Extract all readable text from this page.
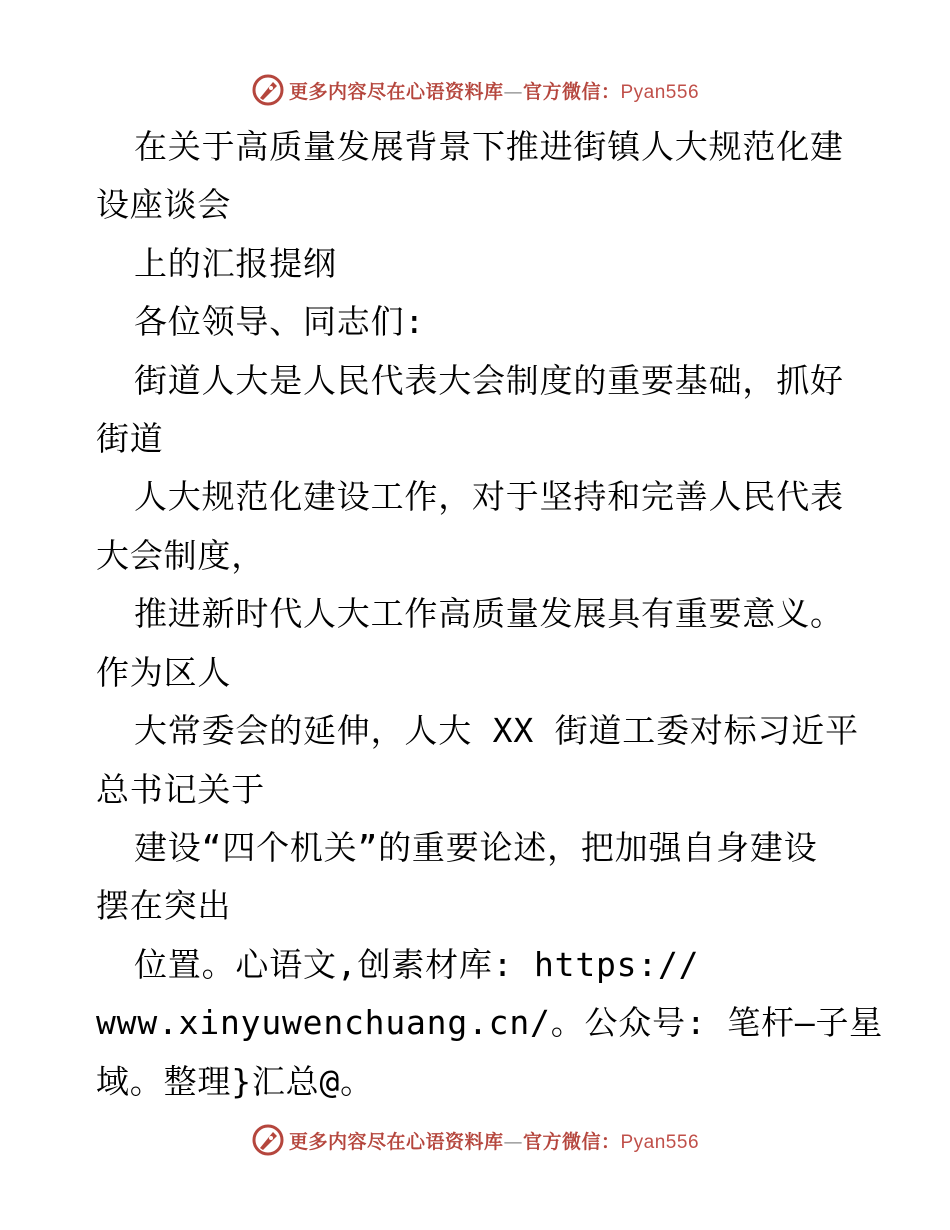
更多内容尽在心语资料库—官方微信：Pyan556
在关于高质量发展背景下推进街镇人大规范化建
设座谈会
上的汇报提纲
各位领导、同志们:
街道人大是人民代表大会制度的重要基础，抓好
街道
人大规范化建设工作，对于坚持和完善人民代表
大会制度，
推进新时代人大工作高质量发展具有重要意义。
作为区人
大常委会的延伸，人大 XX 街道工委对标习近平
总书记关于
建设“四个机关”的重要论述，把加强自身建设
摆在突出
位置。心语文,创素材库: https://
www.xinyuwenchuang.cn/。公众号: 笔杆—子星
域。整理}汇总@。
更多内容尽在心语资料库—官方微信：Pyan556
